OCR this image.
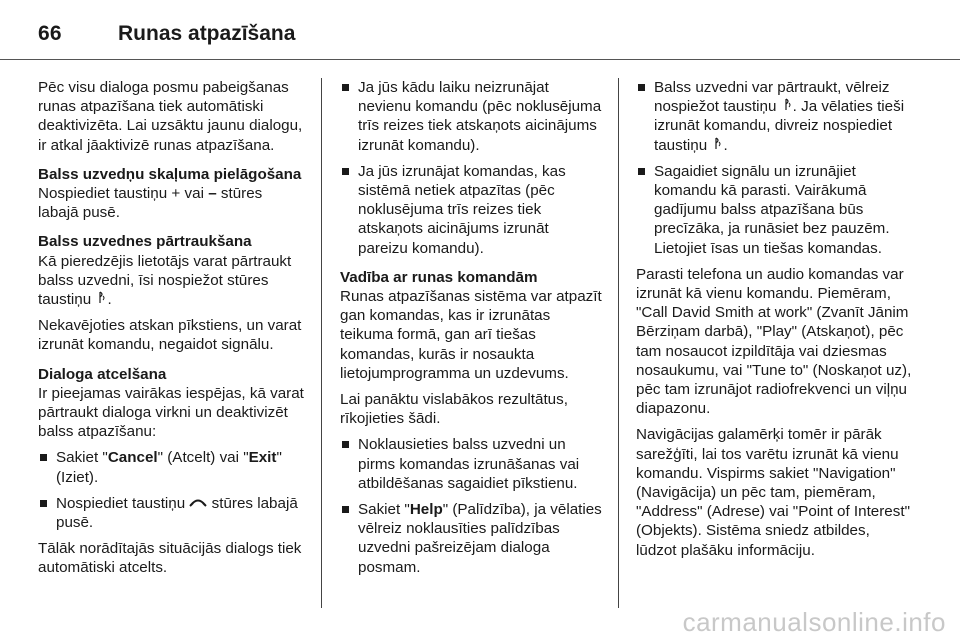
66	Runas atpazīšana

Pēc visu dialoga posmu pabeigšanas runas atpazīšana tiek automātiski deaktivizēta. Lai uzsāktu jaunu dialogu, ir atkal jāaktivizē runas atpazīšana.

Balss uzvedņu skaļuma pielāgošana

Nospiediet taustiņu + vai – stūres labajā pusē.

Balss uzvednes pārtraukšana

Kā pieredzējis lietotājs varat pārtraukt balss uzvedni, īsi nospiežot stūres taustiņu .

Nekavējoties atskan pīkstiens, un varat izrunāt komandu, negaidot signālu.

Dialoga atcelšana

Ir pieejamas vairākas iespējas, kā varat pārtraukt dialoga virkni un deaktivizēt balss atpazīšanu:

Sakiet "Cancel" (Atcelt) vai "Exit" (Iziet).
Nospiediet taustiņu stūres labajā pusē.

Tālāk norādītajās situācijās dialogs tiek automātiski atcelts.

Ja jūs kādu laiku neizrunājat nevienu komandu (pēc noklusējuma trīs reizes tiek atskaņots aicinājums izrunāt komandu).
Ja jūs izrunājat komandas, kas sistēmā netiek atpazītas (pēc noklusējuma trīs reizes tiek atskaņots aicinājums izrunāt pareizu komandu).

Vadība ar runas komandām

Runas atpazīšanas sistēma var atpazīt gan komandas, kas ir izrunātas teikuma formā, gan arī tiešas komandas, kurās ir nosaukta lietojumprogramma un uzdevums.

Lai panāktu vislabākos rezultātus, rīkojieties šādi.

Noklausieties balss uzvedni un pirms komandas izrunāšanas vai atbildēšanas sagaidiet pīkstienu.
Sakiet "Help" (Palīdzība), ja vēlaties vēlreiz noklausīties palīdzības uzvedni pašreizējam dialoga posmam.
Balss uzvedni var pārtraukt, vēlreiz nospiežot taustiņu . Ja vēlaties tieši izrunāt komandu, divreiz nospiediet taustiņu .
Sagaidiet signālu un izrunājiet komandu kā parasti. Vairākumā gadījumu balss atpazīšana būs precīzāka, ja runāsiet bez pauzēm. Lietojiet īsas un tiešas komandas.

Parasti telefona un audio komandas var izrunāt kā vienu komandu. Piemēram, "Call David Smith at work" (Zvanīt Jānim Bērziņam darbā), "Play" (Atskaņot), pēc tam nosaucot izpildītāja vai dziesmas nosaukumu, vai "Tune to" (Noskaņot uz), pēc tam izrunājot radiofrekvenci un viļņu diapazonu.

Navigācijas galamērķi tomēr ir pārāk sarežģīti, lai tos varētu izrunāt kā vienu komandu. Vispirms sakiet "Navigation" (Navigācija) un pēc tam, piemēram, "Address" (Adrese) vai "Point of Interest" (Objekts). Sistēma sniedz atbildes, lūdzot plašāku informāciju.

carmanualsonline.info
